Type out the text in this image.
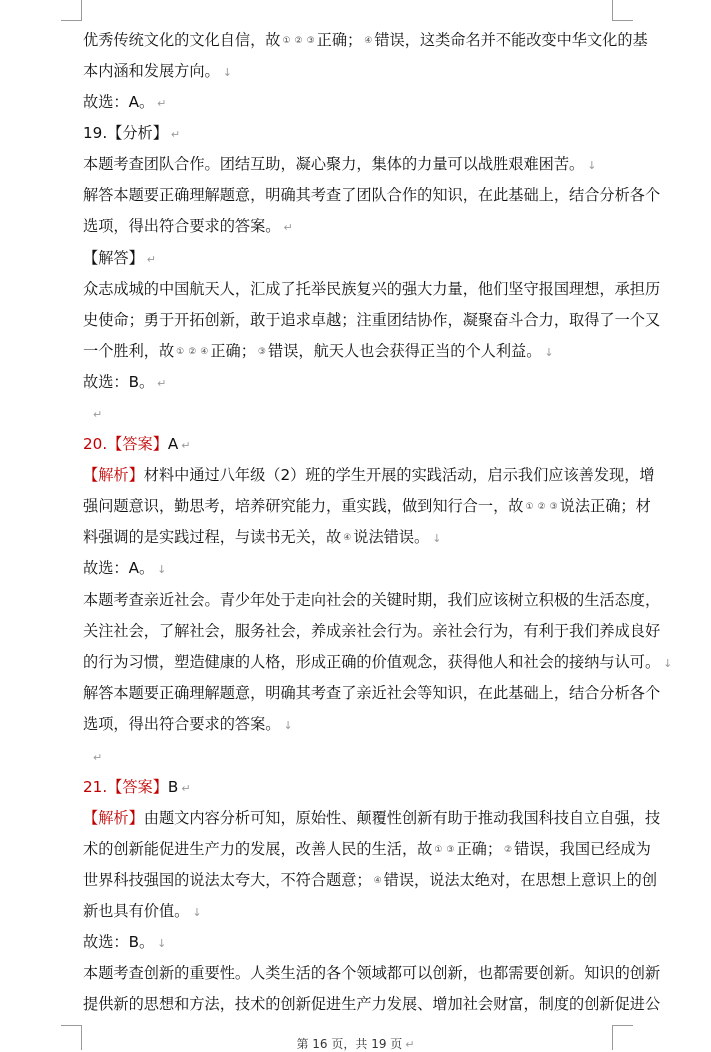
优秀传统文化的文化自信，故 ① ② ③ 正确； ④ 错误，这类命名并不能改变中华文化的基
本内涵和发展方向。 ↓
故选：A。 ↵
19.【分析】 ↵
本题考查团队合作。团结互助，凝心聚力，集体的力量可以战胜艰难困苦。 ↓
解答本题要正确理解题意，明确其考查了团队合作的知识，在此基础上，结合分析各个
选项，得出符合要求的答案。 ↵
【解答】 ↵
众志成城的中国航天人，汇成了托举民族复兴的强大力量，他们坚守报国理想，承担历
史使命；勇于开拓创新，敢于追求卓越；注重团结协作，凝聚奋斗合力，取得了一个又
一个胜利，故 ① ② ④ 正确； ③ 错误，航天人也会获得正当的个人利益。 ↓
故选：B。 ↵
↵
20.【答案】A ↵
【解析】材料中通过八年级（2）班的学生开展的实践活动，启示我们应该善发现，增
强问题意识，勤思考，培养研究能力，重实践，做到知行合一，故 ① ② ③ 说法正确；材
料强调的是实践过程，与读书无关，故 ④ 说法错误。 ↓
故选：A。 ↓
本题考查亲近社会。青少年处于走向社会的关键时期，我们应该树立积极的生活态度，
关注社会，了解社会，服务社会，养成亲社会行为。亲社会行为，有利于我们养成良好
的行为习惯，塑造健康的人格，形成正确的价值观念，获得他人和社会的接纳与认可。 ↓
解答本题要正确理解题意，明确其考查了亲近社会等知识，在此基础上，结合分析各个
选项，得出符合要求的答案。 ↓
↵
21.【答案】B ↵
【解析】由题文内容分析可知，原始性、颠覆性创新有助于推动我国科技自立自强，技
术的创新能促进生产力的发展，改善人民的生活，故 ① ③ 正确； ② 错误，我国已经成为
世界科技强国的说法太夸大，不符合题意； ④ 错误，说法太绝对，在思想上意识上的创
新也具有价值。 ↓
故选：B。 ↓
本题考查创新的重要性。人类生活的各个领域都可以创新，也都需要创新。知识的创新
提供新的思想和方法，技术的创新促进生产力发展、增加社会财富，制度的创新促进公
第 16 页，共 19 页 ↵
